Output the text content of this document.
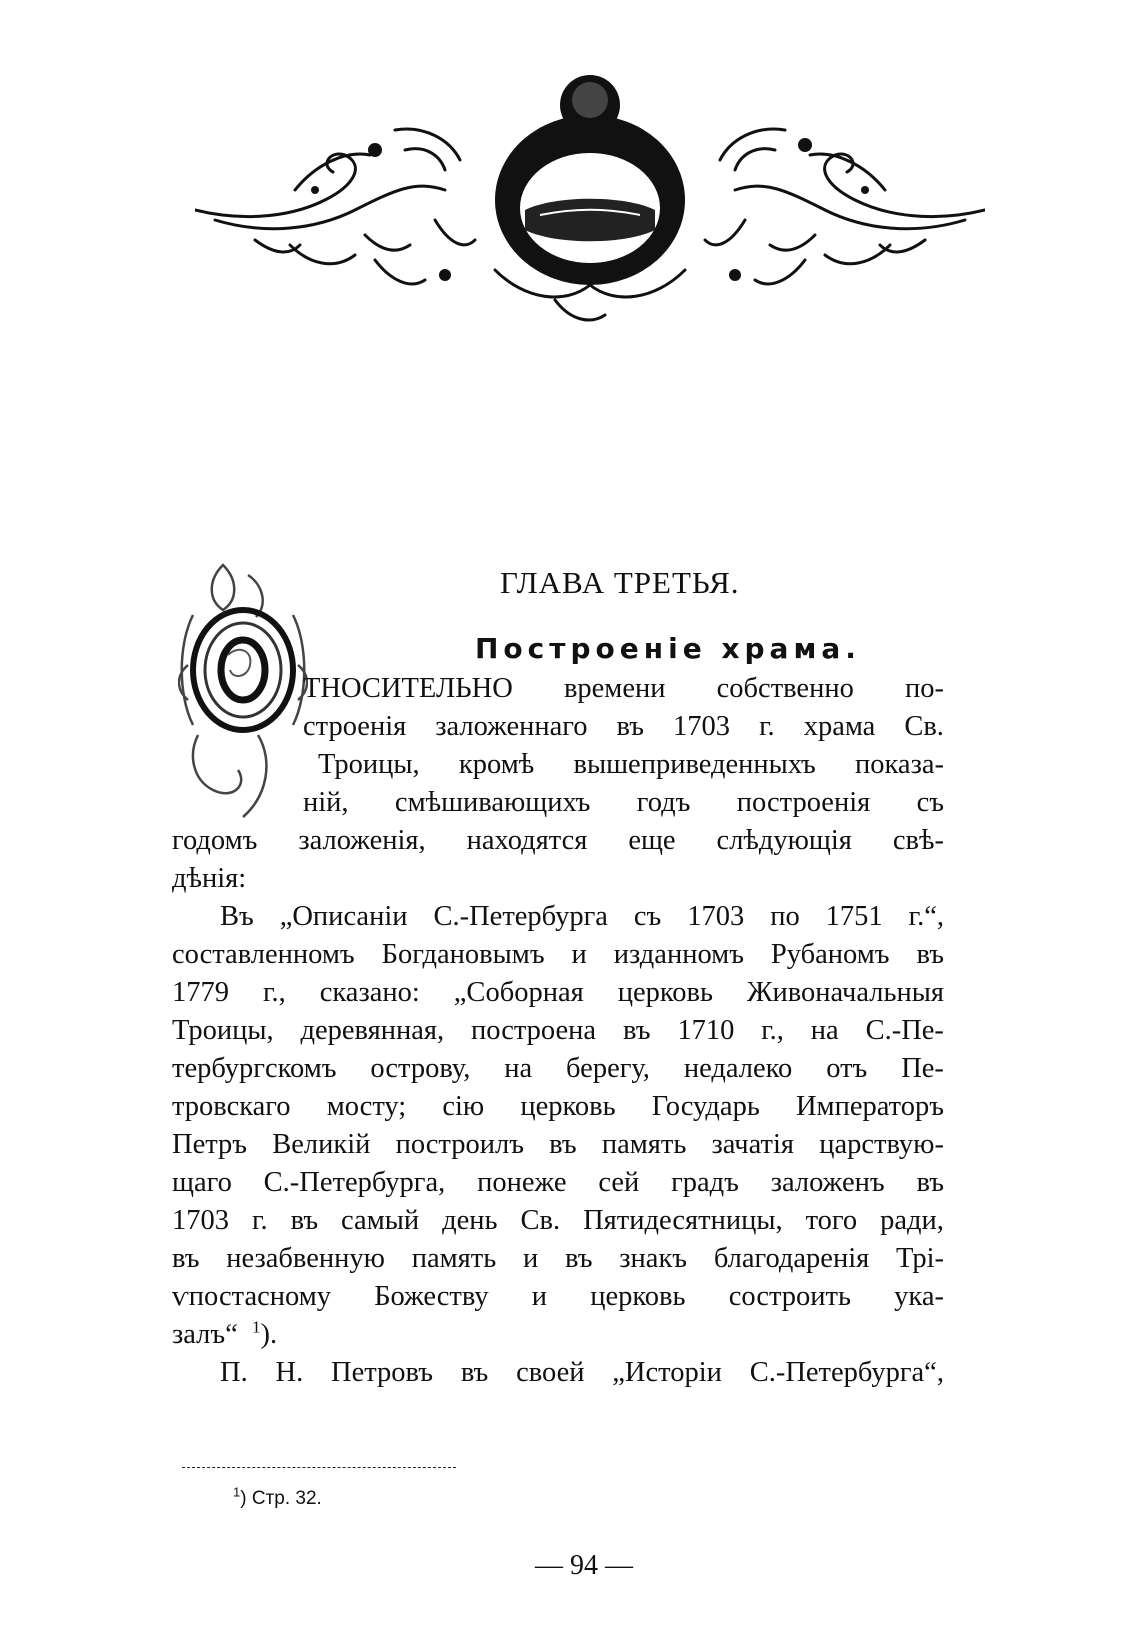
ГЛАВА ТРЕТЬЯ.
Построеніе храма.
ТНОСИТЕЛЬНО времени собственно по-
строенія заложеннаго въ 1703 г. храма Св.
Троицы, кромѣ вышеприведенныхъ показа-
ній, смѣшивающихъ годъ построенія съ
годомъ заложенія, находятся еще слѣдующія свѣ-
дѣнія:
Въ „Описаніи С.-Петербурга съ 1703 по 1751 г.“,
составленномъ Богдановымъ и изданномъ Рубаномъ въ
1779 г., сказано: „Соборная церковь Живоначальныя
Троицы, деревянная, построена въ 1710 г., на С.-Пе-
тербургскомъ острову, на берегу, недалеко отъ Пе-
тровскаго мосту; сію церковь Государь Императоръ
Петръ Великій построилъ въ память зачатія царствую-
щаго С.-Петербурга, понеже сей градъ заложенъ въ
1703 г. въ самый день Св. Пятидесятницы, того ради,
въ незабвенную память и въ знакъ благодаренія Трі-
ѵпостасному Божеству и церковь состроить ука-
залъ“ $^1$).
П. Н. Петровъ въ своей „Исторіи С.-Петербурга“,
$^1$) Стр. 32.
— 94 —
